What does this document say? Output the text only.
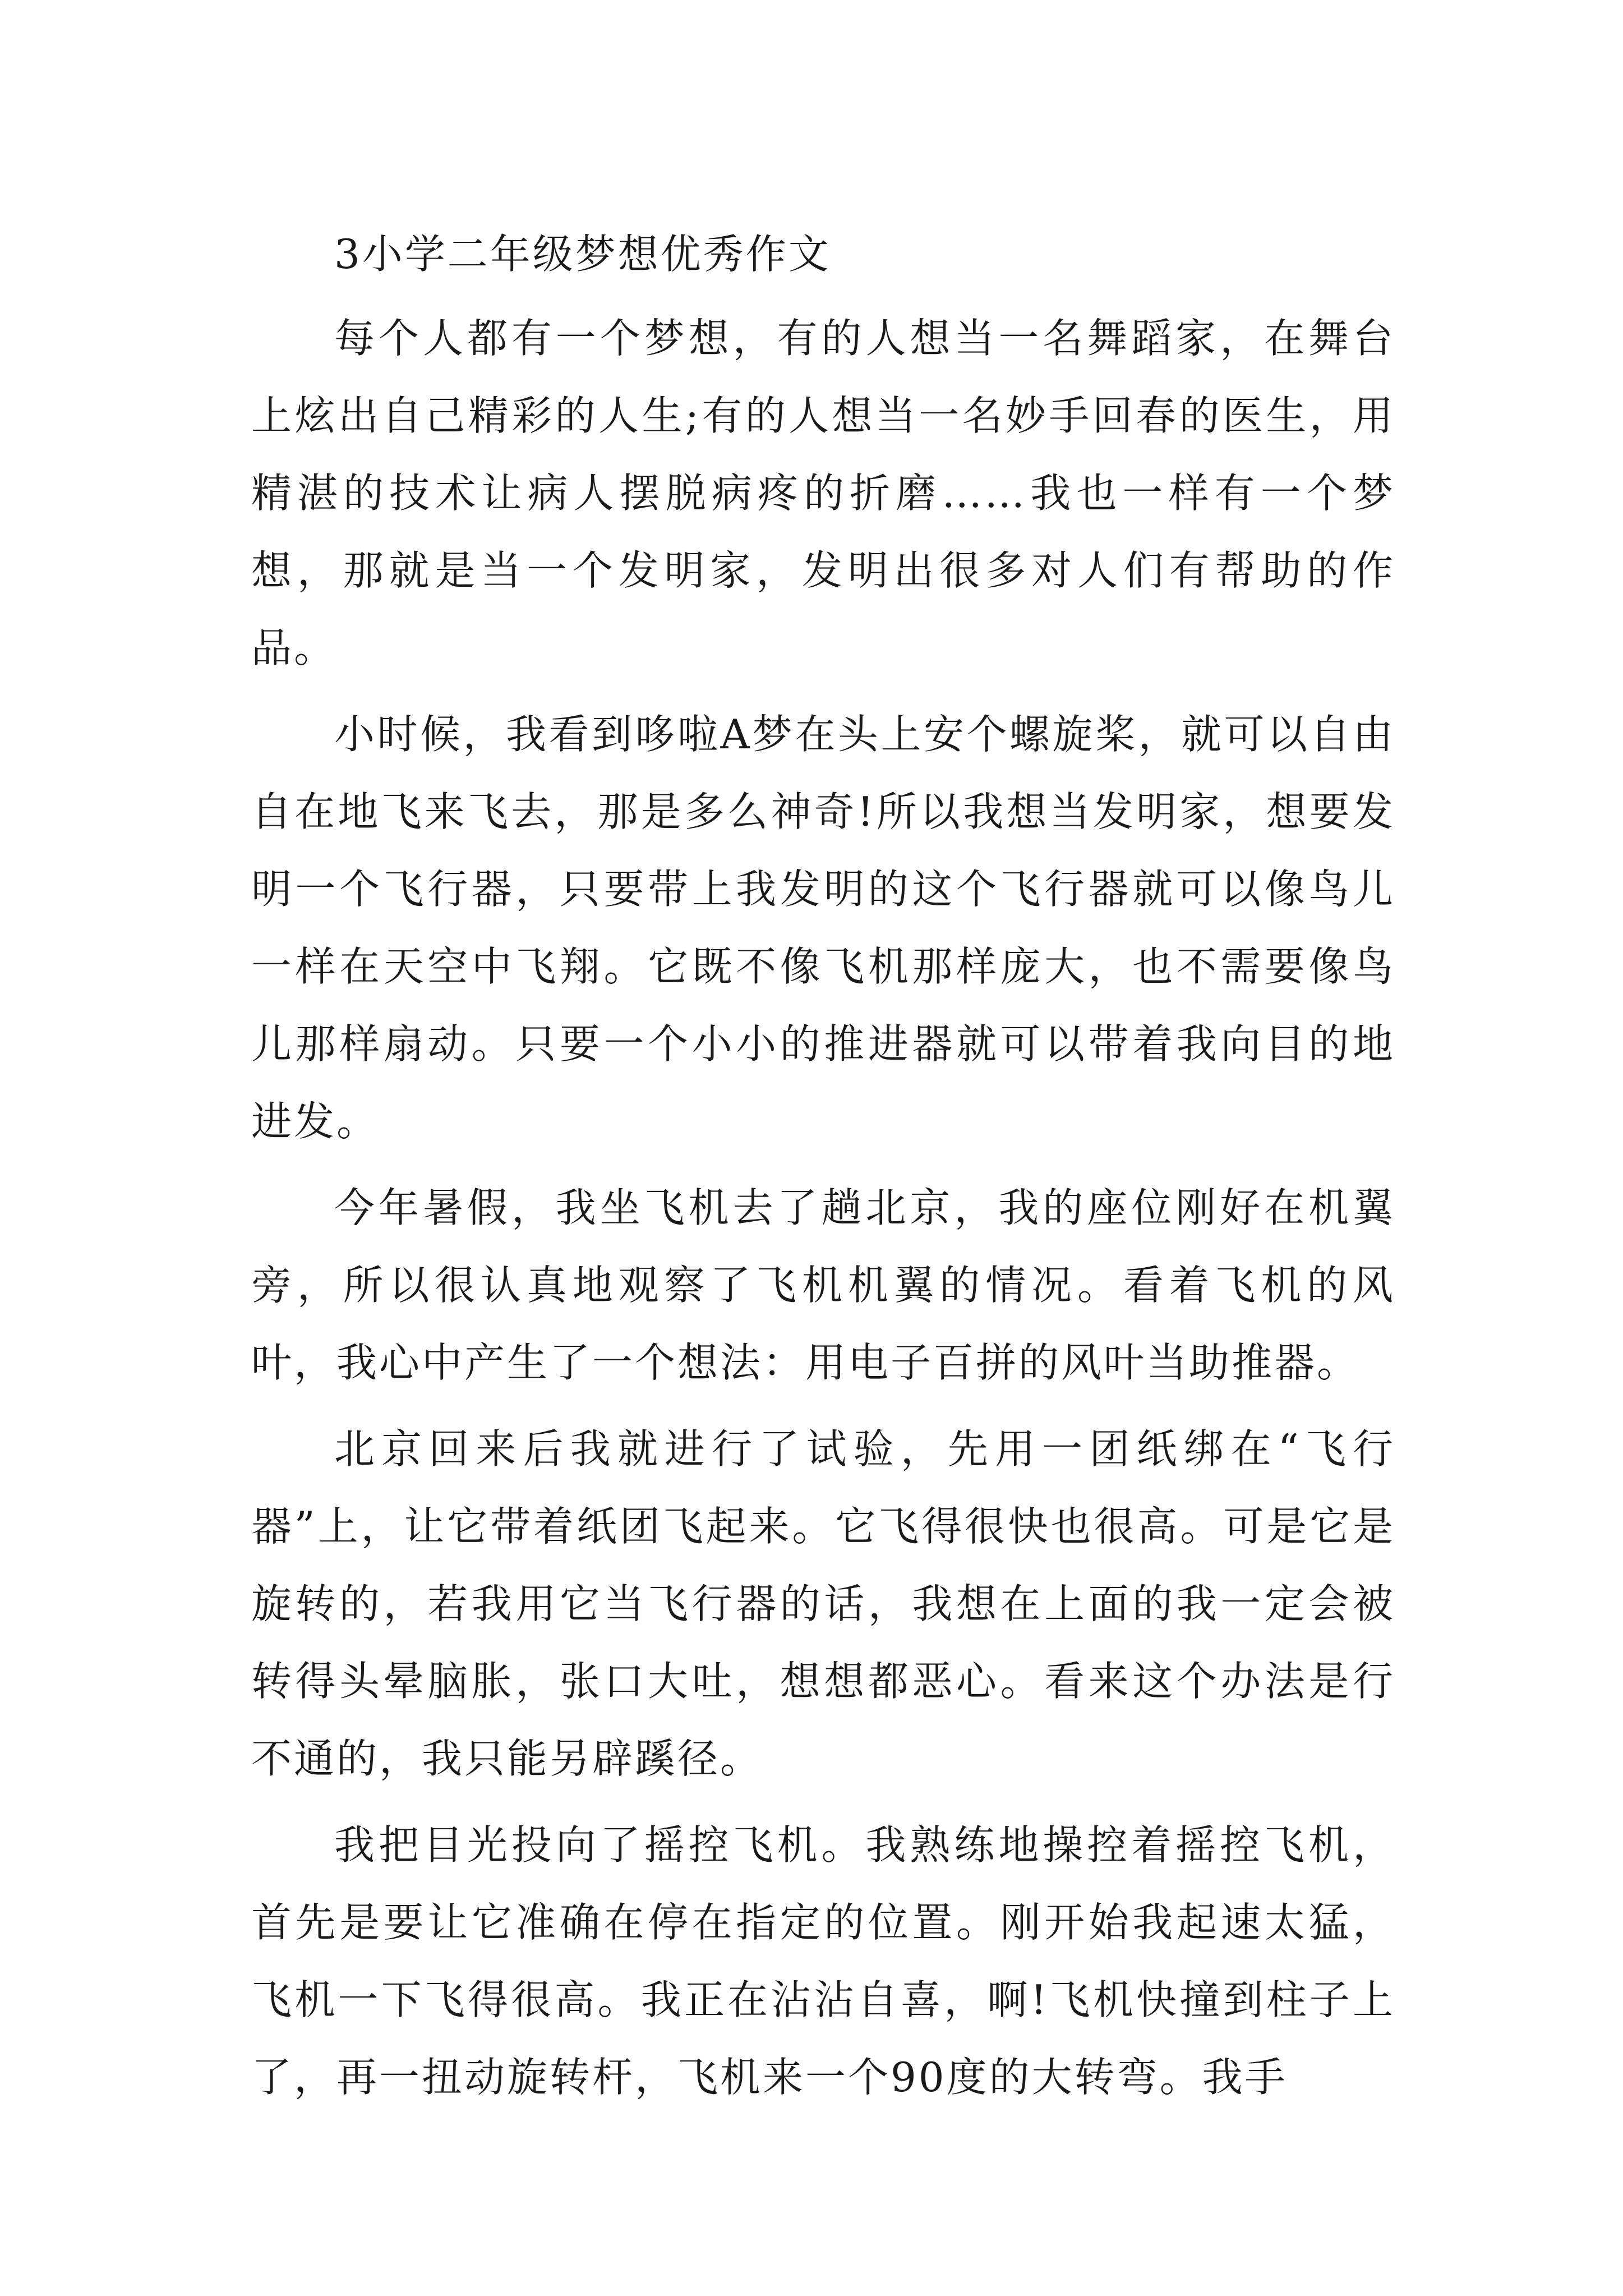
3小学二年级梦想优秀作文

每个人都有一个梦想，有的人想当一名舞蹈家，在舞台上炫出自己精彩的人生;有的人想当一名妙手回春的医生，用精湛的技术让病人摆脱病疼的折磨……我也一样有一个梦想，那就是当一个发明家，发明出很多对人们有帮助的作品。

小时候，我看到哆啦A梦在头上安个螺旋桨，就可以自由自在地飞来飞去，那是多么神奇!所以我想当发明家，想要发明一个飞行器，只要带上我发明的这个飞行器就可以像鸟儿一样在天空中飞翔。它既不像飞机那样庞大，也不需要像鸟儿那样扇动。只要一个小小的推进器就可以带着我向目的地进发。

今年暑假，我坐飞机去了趟北京，我的座位刚好在机翼旁，所以很认真地观察了飞机机翼的情况。看着飞机的风叶，我心中产生了一个想法：用电子百拼的风叶当助推器。

北京回来后我就进行了试验，先用一团纸绑在“飞行器”上，让它带着纸团飞起来。它飞得很快也很高。可是它是旋转的，若我用它当飞行器的话，我想在上面的我一定会被转得头晕脑胀，张口大吐，想想都恶心。看来这个办法是行不通的，我只能另辟蹊径。

我把目光投向了摇控飞机。我熟练地操控着摇控飞机，首先是要让它准确在停在指定的位置。刚开始我起速太猛，飞机一下飞得很高。我正在沾沾自喜，啊!飞机快撞到柱子上了，再一扭动旋转杆，飞机来一个90度的大转弯。我手
